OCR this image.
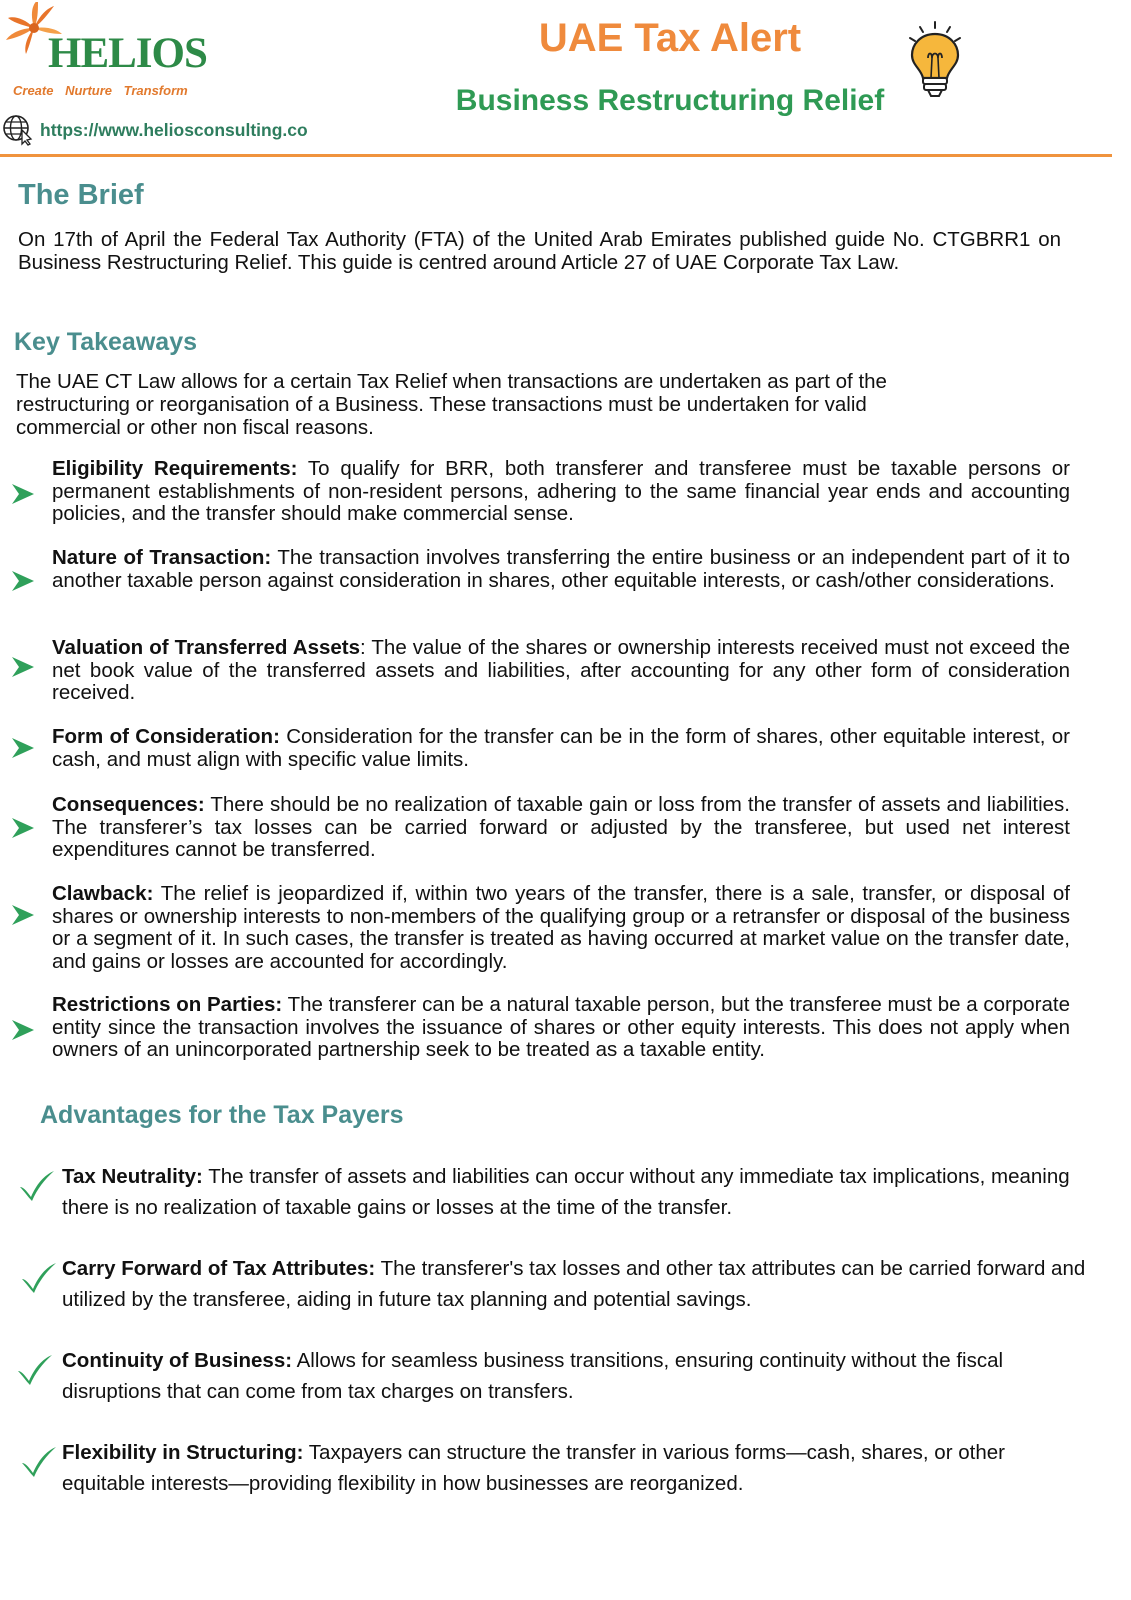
HELIOS
Create Nurture Transform
https://www.heliosconsulting.co
UAE Tax Alert
Business Restructuring Relief
The Brief

On 17th of April the Federal Tax Authority (FTA) of the United Arab Emirates published guide No. CTGBRR1 on Business Restructuring Relief. This guide is centred around Article 27 of UAE Corporate Tax Law.

Key Takeaways

The UAE CT Law allows for a certain Tax Relief when transactions are undertaken as part of the restructuring or reorganisation of a Business. These transactions must be undertaken for valid commercial or other non fiscal reasons.

Eligibility Requirements: To qualify for BRR, both transferer and transferee must be taxable persons or permanent establishments of non-resident persons, adhering to the same financial year ends and accounting policies, and the transfer should make commercial sense.

Nature of Transaction: The transaction involves transferring the entire business or an independent part of it to another taxable person against consideration in shares, other equitable interests, or cash/other considerations.

Valuation of Transferred Assets: The value of the shares or ownership interests received must not exceed the net book value of the transferred assets and liabilities, after accounting for any other form of consideration received.

Form of Consideration: Consideration for the transfer can be in the form of shares, other equitable interest, or cash, and must align with specific value limits.

Consequences: There should be no realization of taxable gain or loss from the transfer of assets and liabilities. The transferer’s tax losses can be carried forward or adjusted by the transferee, but used net interest expenditures cannot be transferred.

Clawback: The relief is jeopardized if, within two years of the transfer, there is a sale, transfer, or disposal of shares or ownership interests to non-members of the qualifying group or a retransfer or disposal of the business or a segment of it. In such cases, the transfer is treated as having occurred at market value on the transfer date, and gains or losses are accounted for accordingly.

Restrictions on Parties: The transferer can be a natural taxable person, but the transferee must be a corporate entity since the transaction involves the issuance of shares or other equity interests. This does not apply when owners of an unincorporated partnership seek to be treated as a taxable entity.

Advantages for the Tax Payers

Tax Neutrality: The transfer of assets and liabilities can occur without any immediate tax implications, meaning there is no realization of taxable gains or losses at the time of the transfer.

Carry Forward of Tax Attributes: The transferer's tax losses and other tax attributes can be carried forward and utilized by the transferee, aiding in future tax planning and potential savings.

Continuity of Business: Allows for seamless business transitions, ensuring continuity without the fiscal disruptions that can come from tax charges on transfers.

Flexibility in Structuring: Taxpayers can structure the transfer in various forms—cash, shares, or other equitable interests—providing flexibility in how businesses are reorganized.
